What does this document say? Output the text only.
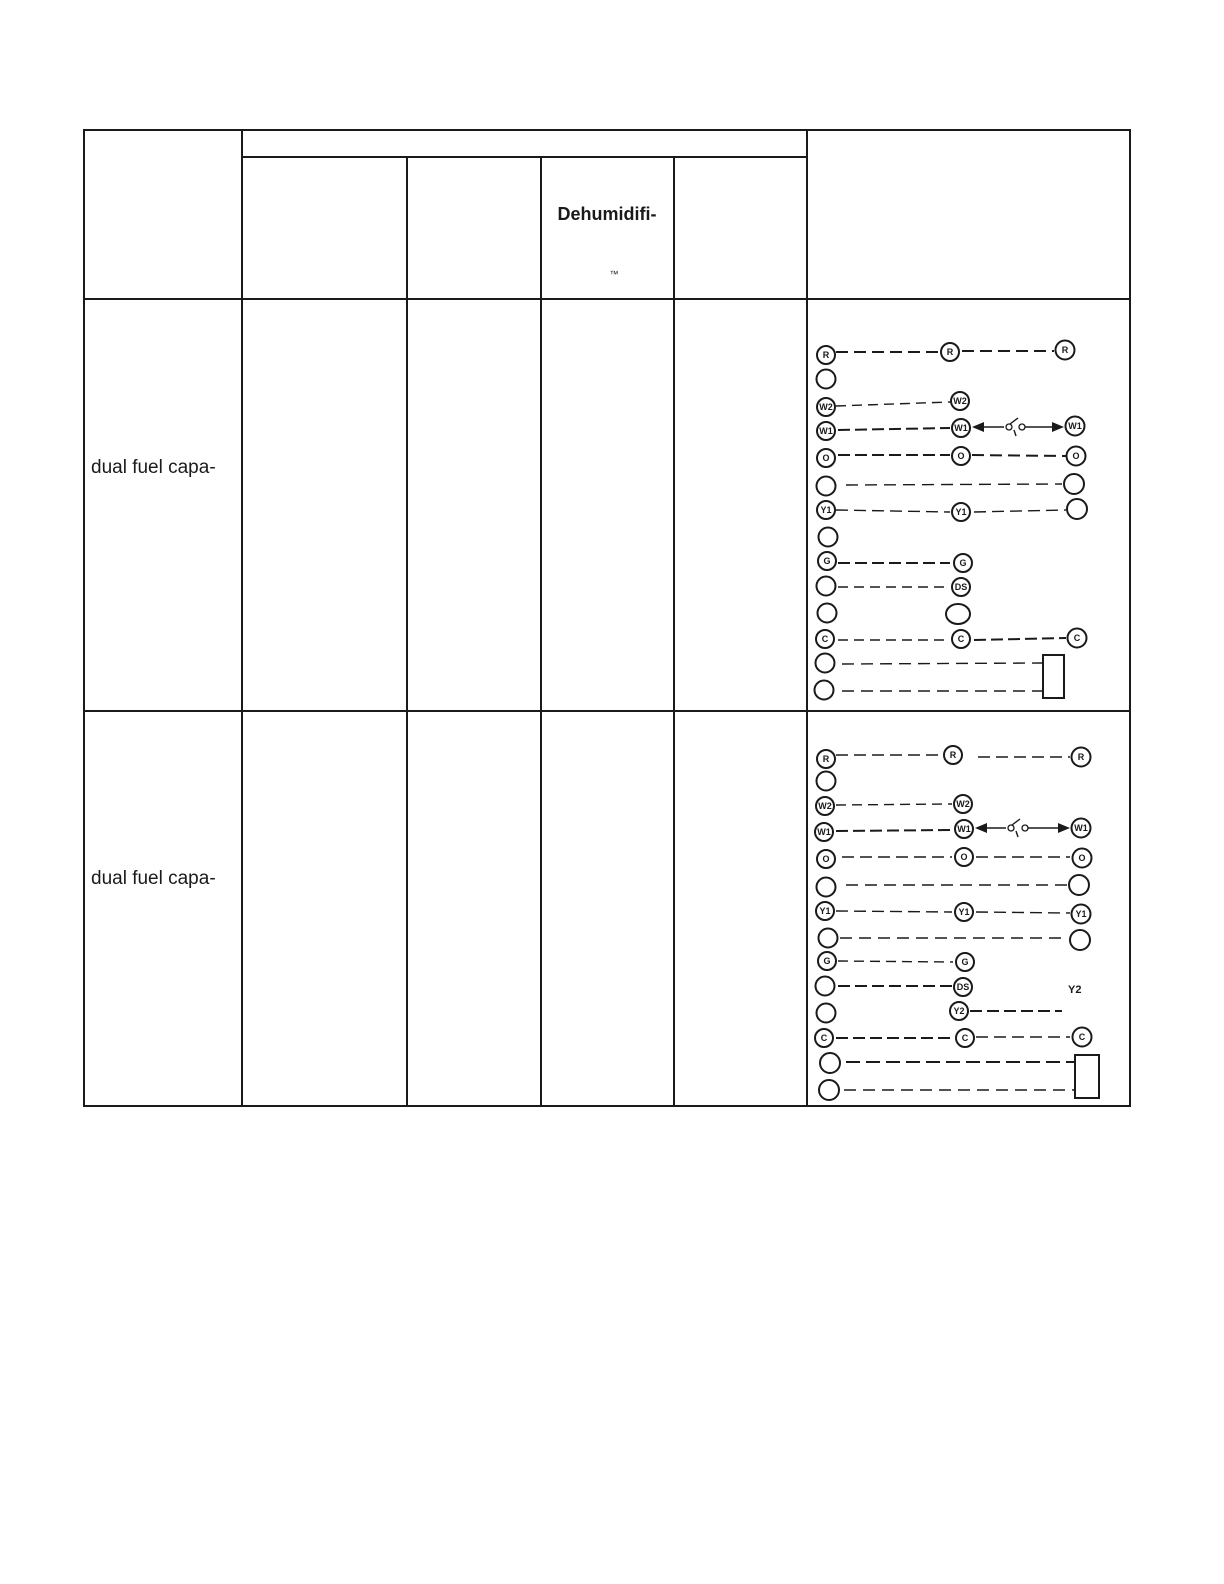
Dehumidifi-
™
dual fuel capa-
R
W2
W1
O
Y1
G
C
R
W2
W1
O
Y1
G
DS
C
R
W1
O
C
dual fuel capa-
Y2
R
W2
W1
O
Y1
G
C
R
W2
W1
O
Y1
G
DS
Y2
C
R
W1
O
Y1
C
